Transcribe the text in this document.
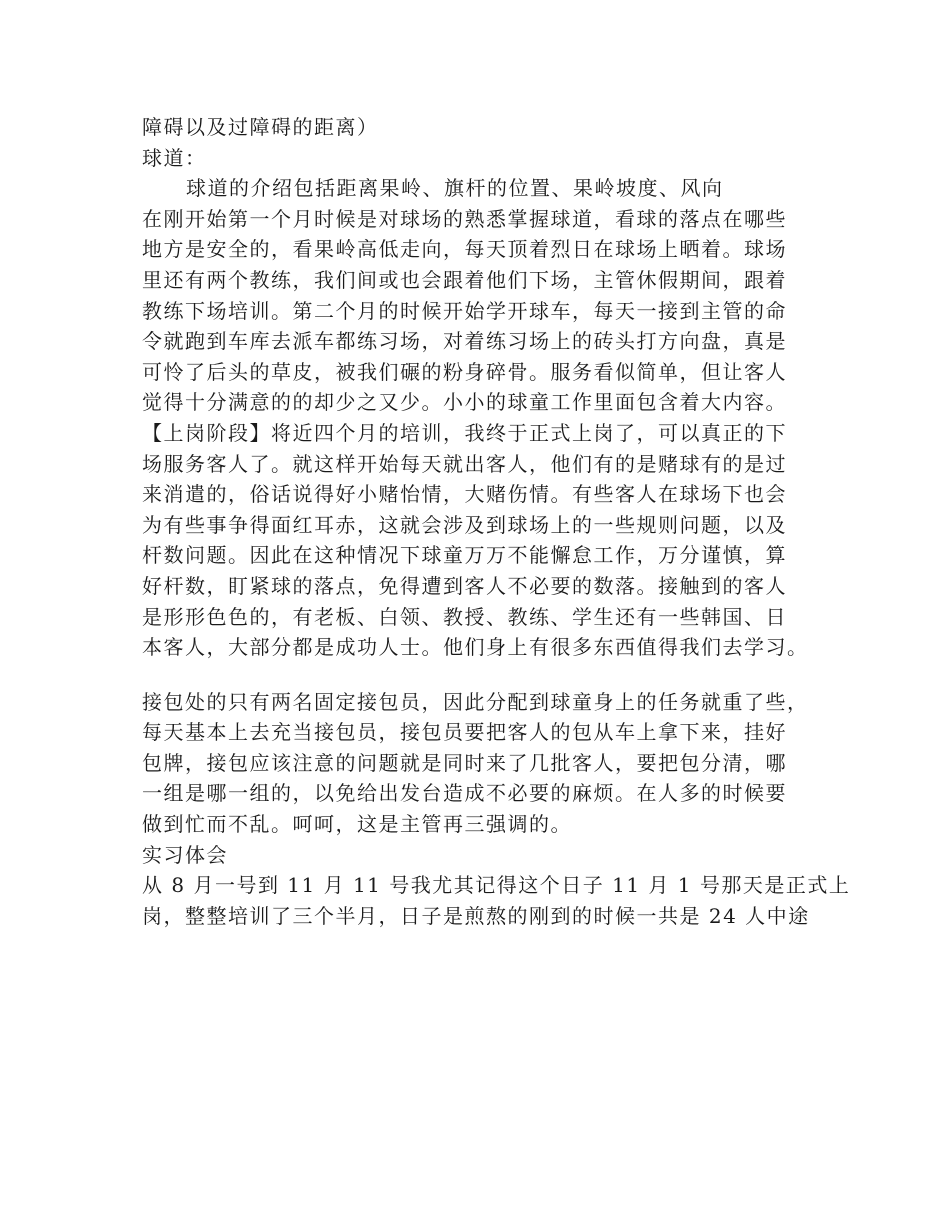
障碍以及过障碍的距离）
球道：
球道的介绍包括距离果岭、旗杆的位置、果岭坡度、风向
在刚开始第一个月时候是对球场的熟悉掌握球道，看球的落点在哪些
地方是安全的，看果岭高低走向，每天顶着烈日在球场上晒着。球场
里还有两个教练，我们间或也会跟着他们下场，主管休假期间，跟着
教练下场培训。第二个月的时候开始学开球车，每天一接到主管的命
令就跑到车库去派车都练习场，对着练习场上的砖头打方向盘，真是
可怜了后头的草皮，被我们碾的粉身碎骨。服务看似简单，但让客人
觉得十分满意的的却少之又少。小小的球童工作里面包含着大内容。
【上岗阶段】将近四个月的培训，我终于正式上岗了，可以真正的下
场服务客人了。就这样开始每天就出客人，他们有的是赌球有的是过
来消遣的，俗话说得好小赌怡情，大赌伤情。有些客人在球场下也会
为有些事争得面红耳赤，这就会涉及到球场上的一些规则问题，以及
杆数问题。因此在这种情况下球童万万不能懈怠工作，万分谨慎，算
好杆数，盯紧球的落点，免得遭到客人不必要的数落。接触到的客人
是形形色色的，有老板、白领、教授、教练、学生还有一些韩国、日
本客人，大部分都是成功人士。他们身上有很多东西值得我们去学习。
接包处的只有两名固定接包员，因此分配到球童身上的任务就重了些，
每天基本上去充当接包员，接包员要把客人的包从车上拿下来，挂好
包牌，接包应该注意的问题就是同时来了几批客人，要把包分清，哪
一组是哪一组的，以免给出发台造成不必要的麻烦。在人多的时候要
做到忙而不乱。呵呵，这是主管再三强调的。
实习体会
从 8 月一号到 11 月 11 号我尤其记得这个日子 11 月 1 号那天是正式上
岗，整整培训了三个半月，日子是煎熬的刚到的时候一共是 24 人中途
